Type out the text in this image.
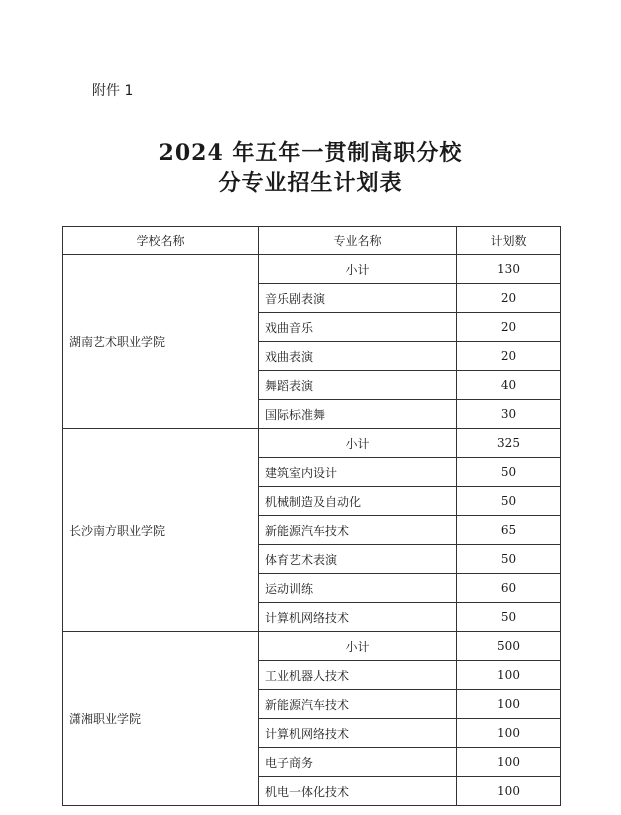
附件 1
2024 年五年一贯制高职分校
分专业招生计划表
学校名称	专业名称	计划数
湖南艺术职业学院	小计	130
	音乐剧表演	20
	戏曲音乐	20
	戏曲表演	20
	舞蹈表演	40
	国际标准舞	30
长沙南方职业学院	小计	325
	建筑室内设计	50
	机械制造及自动化	50
	新能源汽车技术	65
	体育艺术表演	50
	运动训练	60
	计算机网络技术	50
潇湘职业学院	小计	500
	工业机器人技术	100
	新能源汽车技术	100
	计算机网络技术	100
	电子商务	100
	机电一体化技术	100
